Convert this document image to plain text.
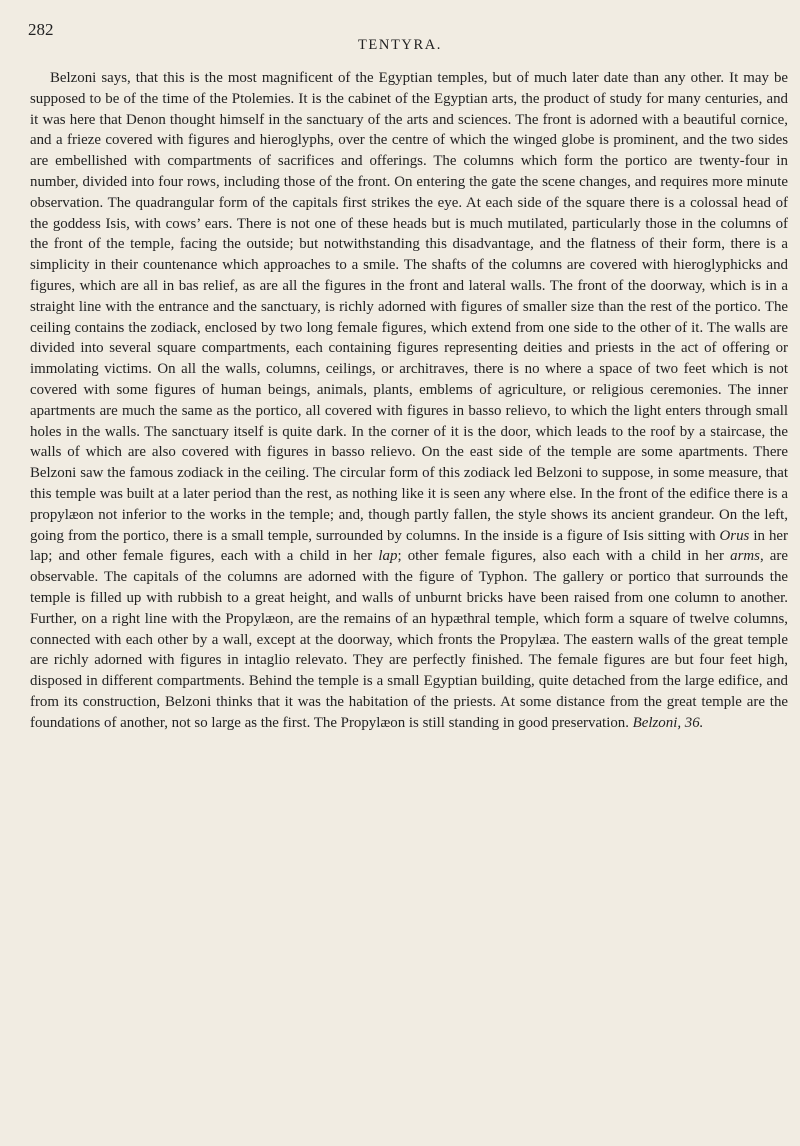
282
TENTYRA.

Belzoni says, that this is the most magnificent of the Egyptian temples, but of much later date than any other. It may be supposed to be of the time of the Ptolemies. It is the cabinet of the Egyptian arts, the product of study for many centuries, and it was here that Denon thought himself in the sanctuary of the arts and sciences. The front is adorned with a beautiful cornice, and a frieze covered with figures and hieroglyphs, over the centre of which the winged globe is prominent, and the two sides are embellished with compartments of sacrifices and offerings. The columns which form the portico are twenty-four in number, divided into four rows, including those of the front. On entering the gate the scene changes, and requires more minute observation. The quadrangular form of the capitals first strikes the eye. At each side of the square there is a colossal head of the goddess Isis, with cows’ ears. There is not one of these heads but is much mutilated, particularly those in the columns of the front of the temple, facing the outside; but notwithstanding this disadvantage, and the flatness of their form, there is a simplicity in their countenance which approaches to a smile. The shafts of the columns are covered with hieroglyphicks and figures, which are all in bas relief, as are all the figures in the front and lateral walls. The front of the doorway, which is in a straight line with the entrance and the sanctuary, is richly adorned with figures of smaller size than the rest of the portico. The ceiling contains the zodiack, enclosed by two long female figures, which extend from one side to the other of it. The walls are divided into several square compartments, each containing figures representing deities and priests in the act of offering or immolating victims. On all the walls, columns, ceilings, or architraves, there is no where a space of two feet which is not covered with some figures of human beings, animals, plants, emblems of agriculture, or religious ceremonies. The inner apartments are much the same as the portico, all covered with figures in basso relievo, to which the light enters through small holes in the walls. The sanctuary itself is quite dark. In the corner of it is the door, which leads to the roof by a staircase, the walls of which are also covered with figures in basso relievo. On the east side of the temple are some apartments. There Belzoni saw the famous zodiack in the ceiling. The circular form of this zodiack led Belzoni to suppose, in some measure, that this temple was built at a later period than the rest, as nothing like it is seen any where else. In the front of the edifice there is a propylæon not inferior to the works in the temple; and, though partly fallen, the style shows its ancient grandeur. On the left, going from the portico, there is a small temple, surrounded by columns. In the inside is a figure of Isis sitting with Orus in her lap; and other female figures, each with a child in her lap; other female figures, also each with a child in her arms, are observable. The capitals of the columns are adorned with the figure of Typhon. The gallery or portico that surrounds the temple is filled up with rubbish to a great height, and walls of unburnt bricks have been raised from one column to another. Further, on a right line with the Propylæon, are the remains of an hypæthral temple, which form a square of twelve columns, connected with each other by a wall, except at the doorway, which fronts the Propylæa. The eastern walls of the great temple are richly adorned with figures in intaglio relevato. They are perfectly finished. The female figures are but four feet high, disposed in different compartments. Behind the temple is a small Egyptian building, quite detached from the large edifice, and from its construction, Belzoni thinks that it was the habitation of the priests. At some distance from the great temple are the foundations of another, not so large as the first. The Propylæon is still standing in good preservation. Belzoni, 36.
